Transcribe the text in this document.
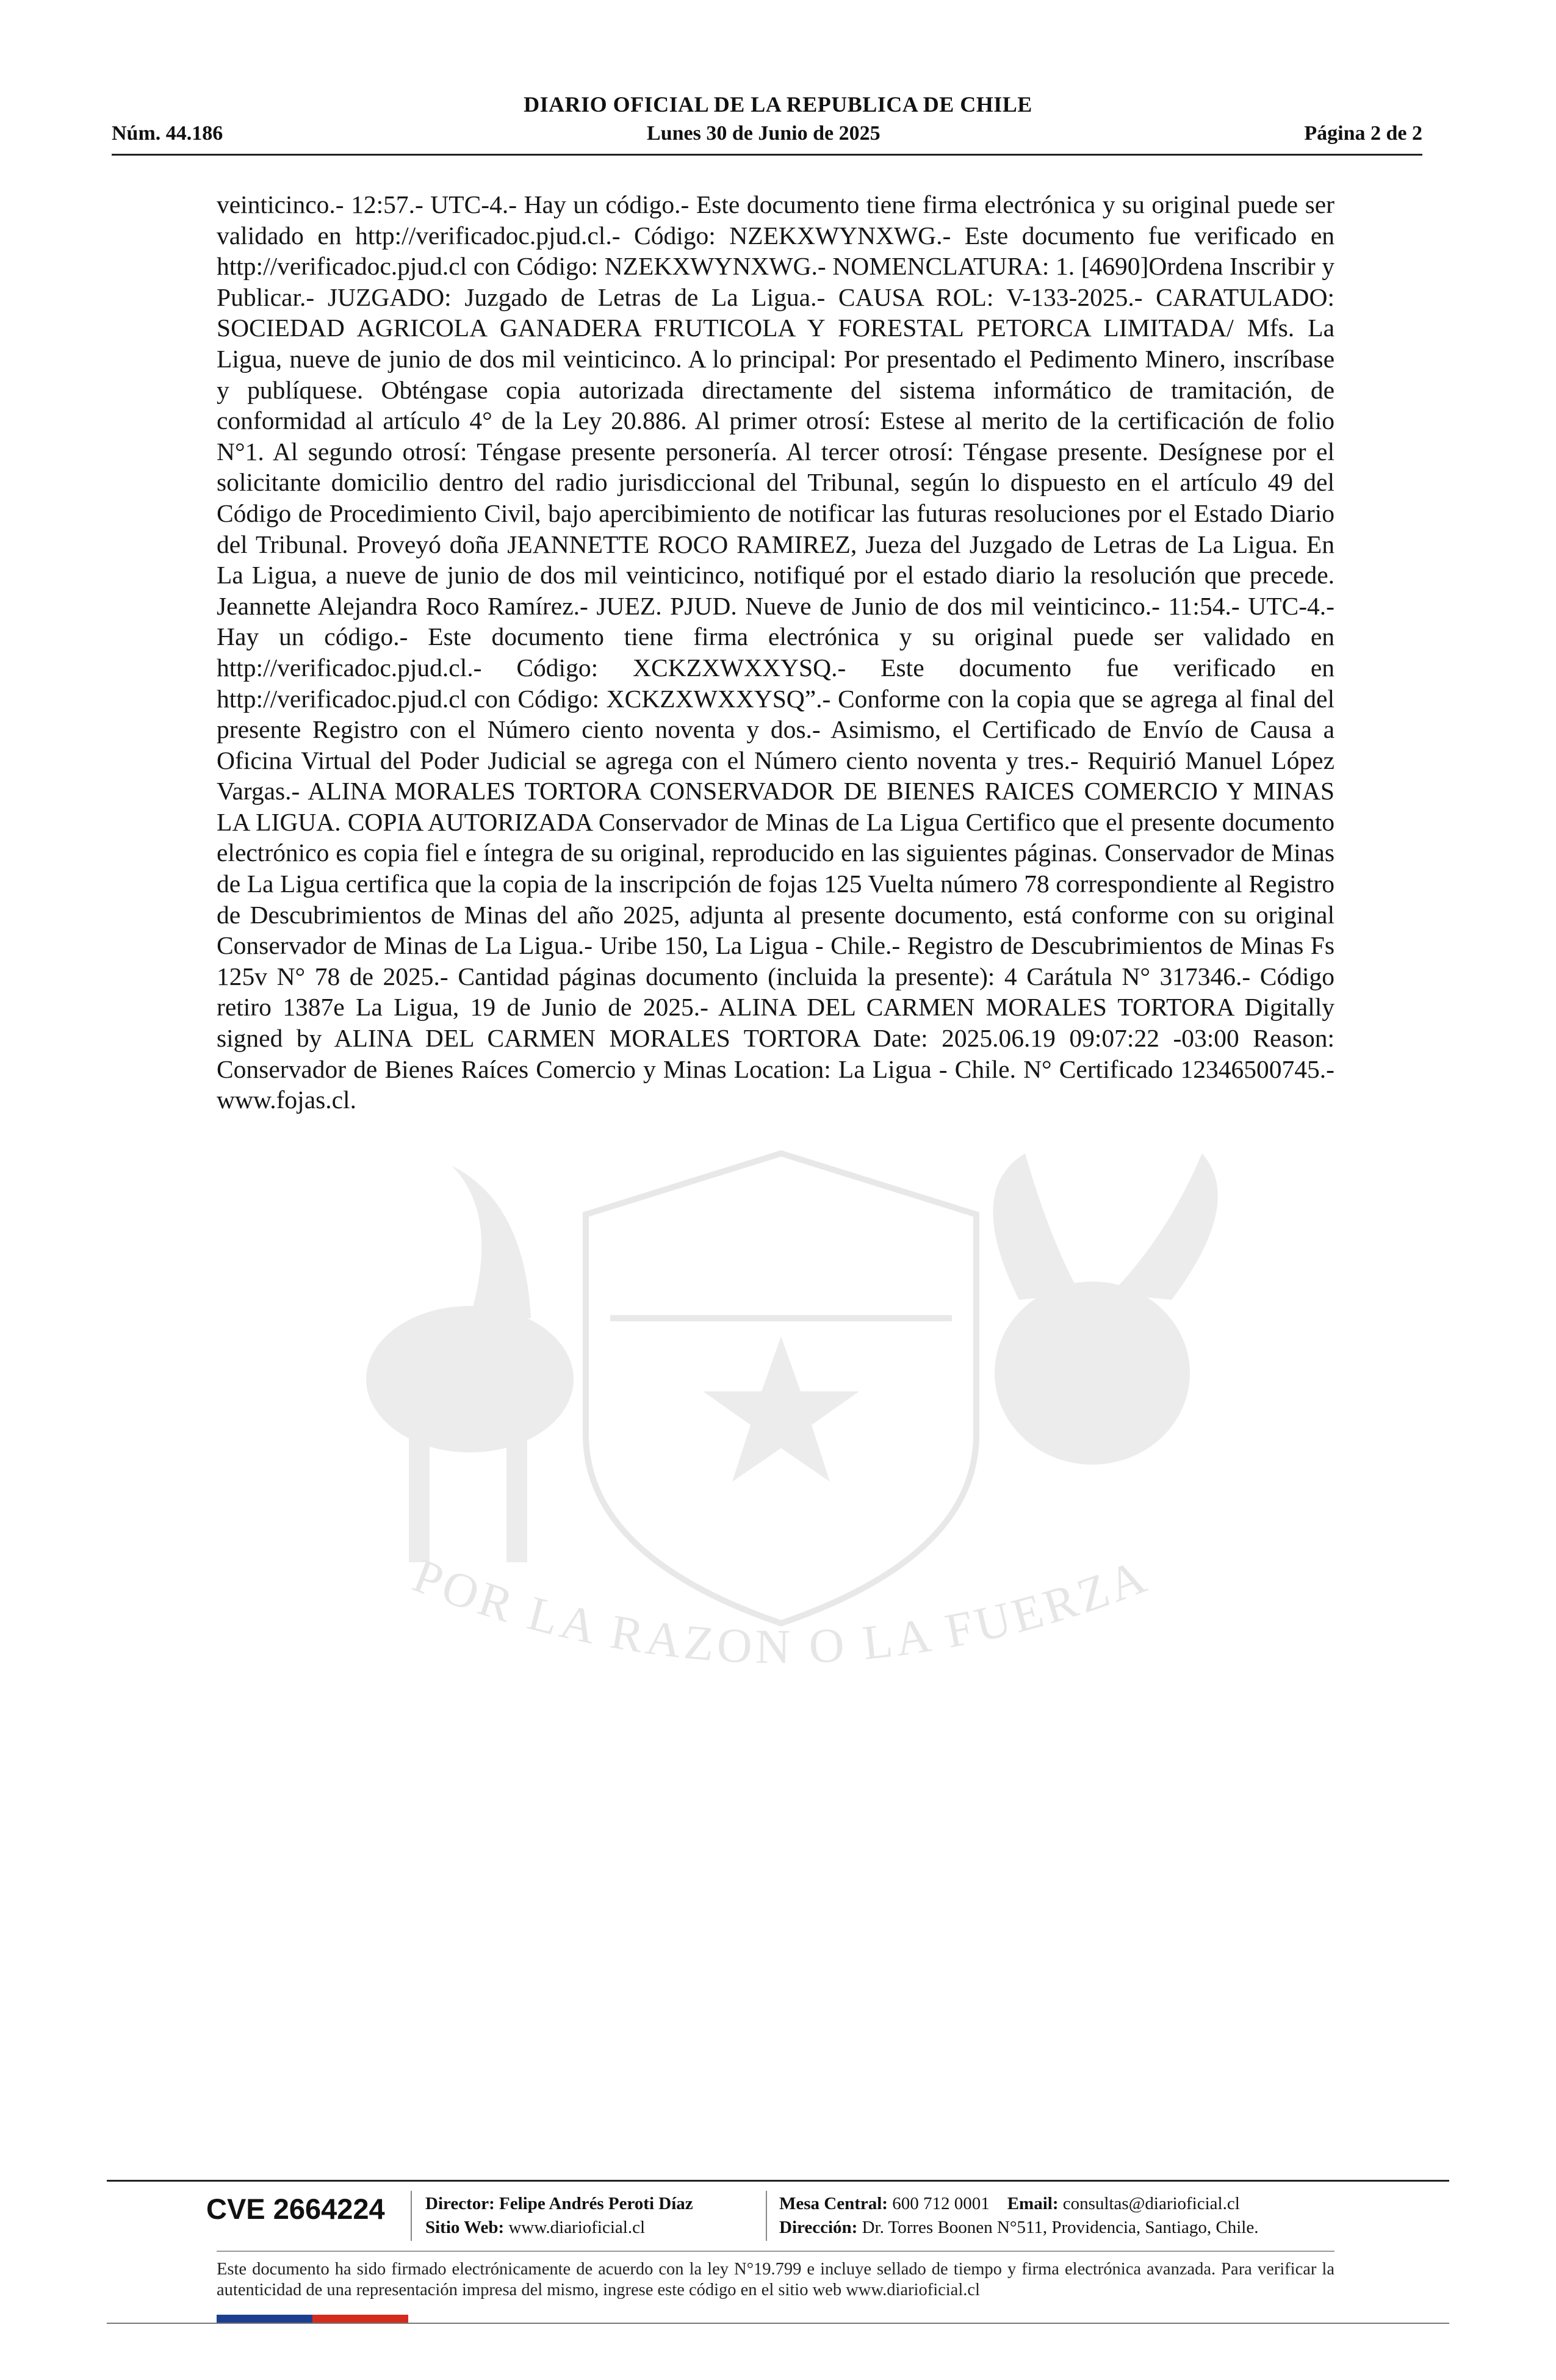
DIARIO OFICIAL DE LA REPUBLICA DE CHILE
Núm. 44.186	Lunes 30 de Junio de 2025	Página 2 de 2
POR LA RAZON O LA FUERZA
veinticinco.- 12:57.- UTC-4.- Hay un código.- Este documento tiene firma electrónica y su original puede ser validado en http://verificadoc.pjud.cl.- Código: NZEKXWYNXWG.- Este documento fue verificado en http://verificadoc.pjud.cl con Código: NZEKXWYNXWG.- NOMENCLATURA: 1. [4690]Ordena Inscribir y Publicar.- JUZGADO: Juzgado de Letras de La Ligua.- CAUSA ROL: V-133-2025.- CARATULADO: SOCIEDAD AGRICOLA GANADERA FRUTICOLA Y FORESTAL PETORCA LIMITADA/ Mfs. La Ligua, nueve de junio de dos mil veinticinco. A lo principal: Por presentado el Pedimento Minero, inscríbase y publíquese. Obténgase copia autorizada directamente del sistema informático de tramitación, de conformidad al artículo 4° de la Ley 20.886. Al primer otrosí: Estese al merito de la certificación de folio N°1. Al segundo otrosí: Téngase presente personería. Al tercer otrosí: Téngase presente. Desígnese por el solicitante domicilio dentro del radio jurisdiccional del Tribunal, según lo dispuesto en el artículo 49 del Código de Procedimiento Civil, bajo apercibimiento de notificar las futuras resoluciones por el Estado Diario del Tribunal. Proveyó doña JEANNETTE ROCO RAMIREZ, Jueza del Juzgado de Letras de La Ligua. En La Ligua, a nueve de junio de dos mil veinticinco, notifiqué por el estado diario la resolución que precede. Jeannette Alejandra Roco Ramírez.- JUEZ. PJUD. Nueve de Junio de dos mil veinticinco.- 11:54.- UTC-4.- Hay un código.- Este documento tiene firma electrónica y su original puede ser validado en http://verificadoc.pjud.cl.- Código: XCKZXWXXYSQ.- Este documento fue verificado en http://verificadoc.pjud.cl con Código: XCKZXWXXYSQ”.- Conforme con la copia que se agrega al final del presente Registro con el Número ciento noventa y dos.- Asimismo, el Certificado de Envío de Causa a Oficina Virtual del Poder Judicial se agrega con el Número ciento noventa y tres.- Requirió Manuel López Vargas.- ALINA MORALES TORTORA CONSERVADOR DE BIENES RAICES COMERCIO Y MINAS LA LIGUA. COPIA AUTORIZADA Conservador de Minas de La Ligua Certifico que el presente documento electrónico es copia fiel e íntegra de su original, reproducido en las siguientes páginas. Conservador de Minas de La Ligua certifica que la copia de la inscripción de fojas 125 Vuelta número 78 correspondiente al Registro de Descubrimientos de Minas del año 2025, adjunta al presente documento, está conforme con su original Conservador de Minas de La Ligua.- Uribe 150, La Ligua - Chile.- Registro de Descubrimientos de Minas Fs 125v N° 78 de 2025.- Cantidad páginas documento (incluida la presente): 4 Carátula N° 317346.- Código retiro 1387e La Ligua, 19 de Junio de 2025.- ALINA DEL CARMEN MORALES TORTORA Digitally signed by ALINA DEL CARMEN MORALES TORTORA Date: 2025.06.19 09:07:22 -03:00 Reason: Conservador de Bienes Raíces Comercio y Minas Location: La Ligua - Chile. N° Certificado 12346500745.- www.fojas.cl.
CVE 2664224	Director: Felipe Andrés Peroti Díaz
Sitio Web: www.diarioficial.cl
Mesa Central: 600 712 0001 Email: consultas@diarioficial.cl
Dirección: Dr. Torres Boonen N°511, Providencia, Santiago, Chile.
Este documento ha sido firmado electrónicamente de acuerdo con la ley N°19.799 e incluye sellado de tiempo y firma electrónica avanzada. Para verificar la autenticidad de una representación impresa del mismo, ingrese este código en el sitio web www.diarioficial.cl
